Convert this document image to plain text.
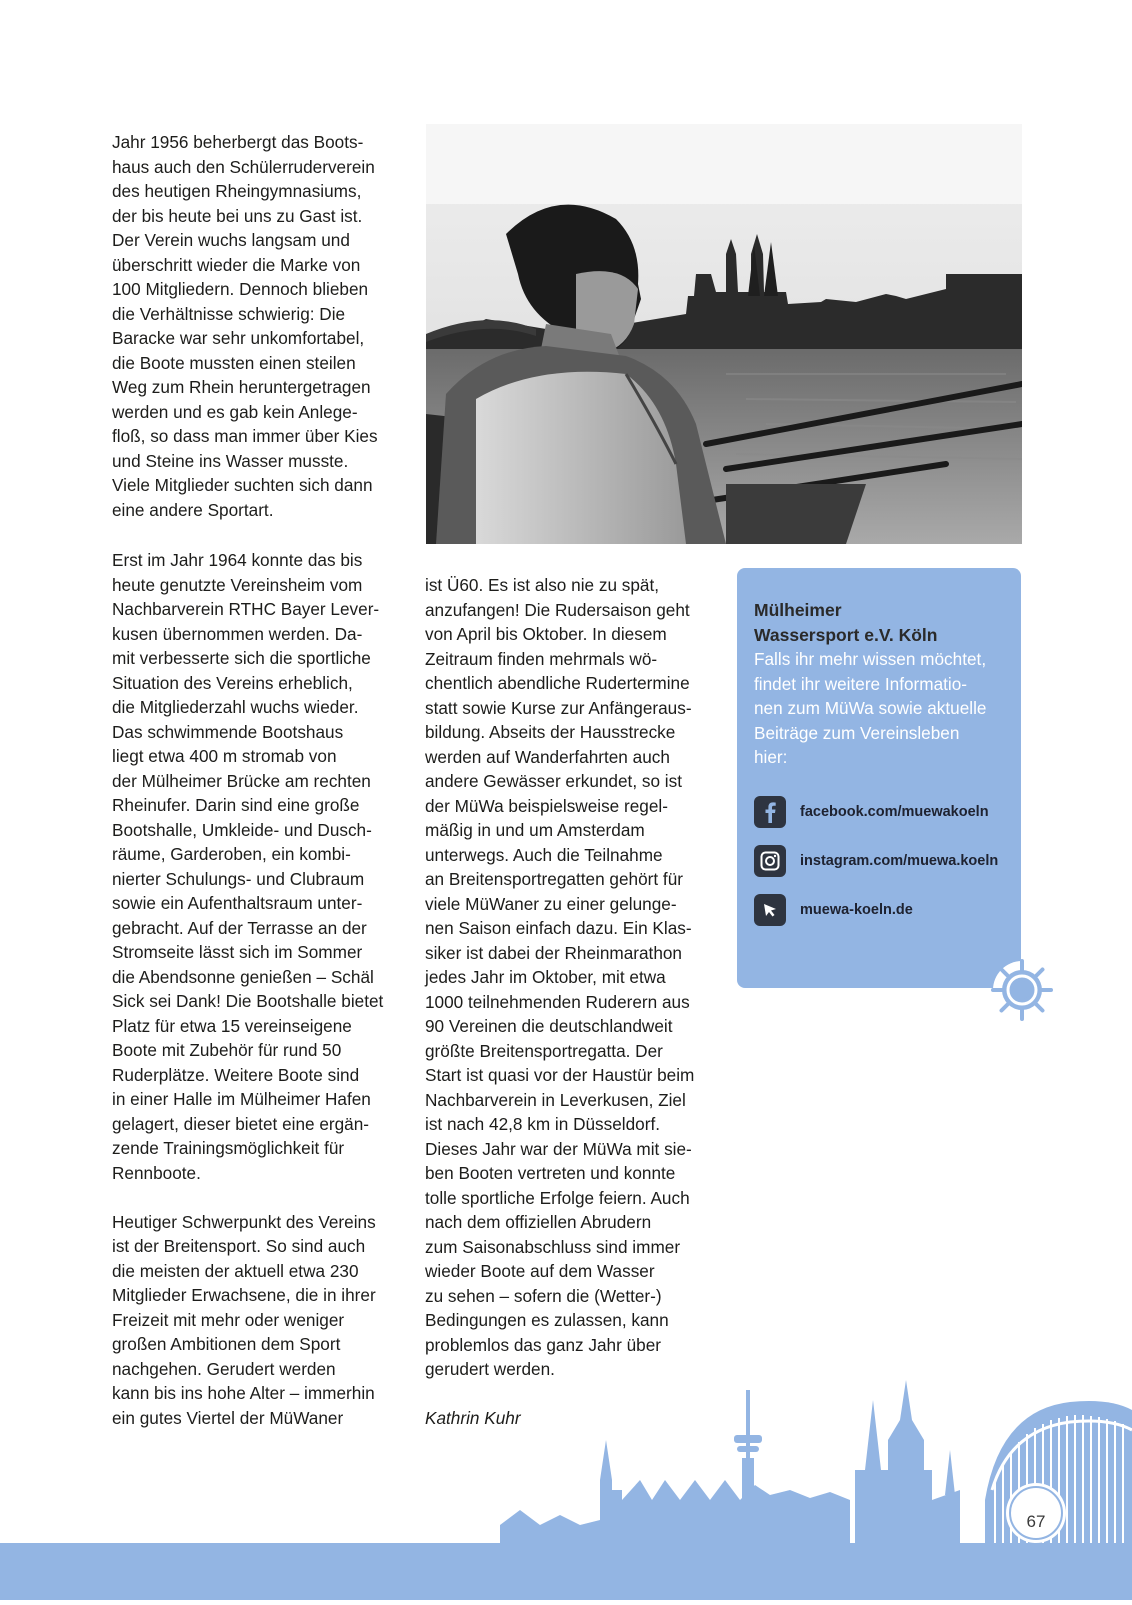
Jahr 1956 beherbergt das Boots-
haus auch den Schülerruderverein
des heutigen Rheingymnasiums,
der bis heute bei uns zu Gast ist.
Der Verein wuchs langsam und
überschritt wieder die Marke von
100 Mitgliedern. Dennoch blieben
die Verhältnisse schwierig: Die
Baracke war sehr unkomfortabel,
die Boote mussten einen steilen
Weg zum Rhein heruntergetragen
werden und es gab kein Anlege-
floß, so dass man immer über Kies
und Steine ins Wasser musste.
Viele Mitglieder suchten sich dann
eine andere Sportart.

Erst im Jahr 1964 konnte das bis
heute genutzte Vereinsheim vom
Nachbarverein RTHC Bayer Lever-
kusen übernommen werden. Da-
mit verbesserte sich die sportliche
Situation des Vereins erheblich,
die Mitgliederzahl wuchs wieder.
Das schwimmende Bootshaus
liegt etwa 400 m stromab von
der Mülheimer Brücke am rechten
Rheinufer. Darin sind eine große
Bootshalle, Umkleide- und Dusch-
räume, Garderoben, ein kombi-
nierter Schulungs- und Clubraum
sowie ein Aufenthaltsraum unter-
gebracht. Auf der Terrasse an der
Stromseite lässt sich im Sommer
die Abendsonne genießen – Schäl
Sick sei Dank! Die Bootshalle bietet
Platz für etwa 15 vereinseigene
Boote mit Zubehör für rund 50
Ruderplätze. Weitere Boote sind
in einer Halle im Mülheimer Hafen
gelagert, dieser bietet eine ergän-
zende Trainingsmöglichkeit für
Rennboote.

Heutiger Schwerpunkt des Vereins
ist der Breitensport. So sind auch
die meisten der aktuell etwa 230
Mitglieder Erwachsene, die in ihrer
Freizeit mit mehr oder weniger
großen Ambitionen dem Sport
nachgehen. Gerudert werden
kann bis ins hohe Alter – immerhin
ein gutes Viertel der MüWaner

ist Ü60. Es ist also nie zu spät,
anzufangen! Die Rudersaison geht
von April bis Oktober. In diesem
Zeitraum finden mehrmals wö-
chentlich abendliche Rudertermine
statt sowie Kurse zur Anfängeraus-
bildung. Abseits der Hausstrecke
werden auf Wanderfahrten auch
andere Gewässer erkundet, so ist
der MüWa beispielsweise regel-
mäßig in und um Amsterdam
unterwegs. Auch die Teilnahme
an Breitensportregatten gehört für
viele MüWaner zu einer gelunge-
nen Saison einfach dazu. Ein Klas-
siker ist dabei der Rheinmarathon
jedes Jahr im Oktober, mit etwa
1000 teilnehmenden Ruderern aus
90 Vereinen die deutschlandweit
größte Breitensportregatta. Der
Start ist quasi vor der Haustür beim
Nachbarverein in Leverkusen, Ziel
ist nach 42,8 km in Düsseldorf.
Dieses Jahr war der MüWa mit sie-
ben Booten vertreten und konnte
tolle sportliche Erfolge feiern. Auch
nach dem offiziellen Abrudern
zum Saisonabschluss sind immer
wieder Boote auf dem Wasser
zu sehen – sofern die (Wetter-)
Bedingungen es zulassen, kann
problemlos das ganz Jahr über
gerudert werden.

Kathrin Kuhr

Mülheimer
Wassersport e.V. Köln
Falls ihr mehr wissen möchtet,
findet ihr weitere Informatio-
nen zum MüWa sowie aktuelle
Beiträge zum Vereinsleben
hier:
facebook.com/muewakoeln
instagram.com/muewa.koeln
muewa-koeln.de
67
